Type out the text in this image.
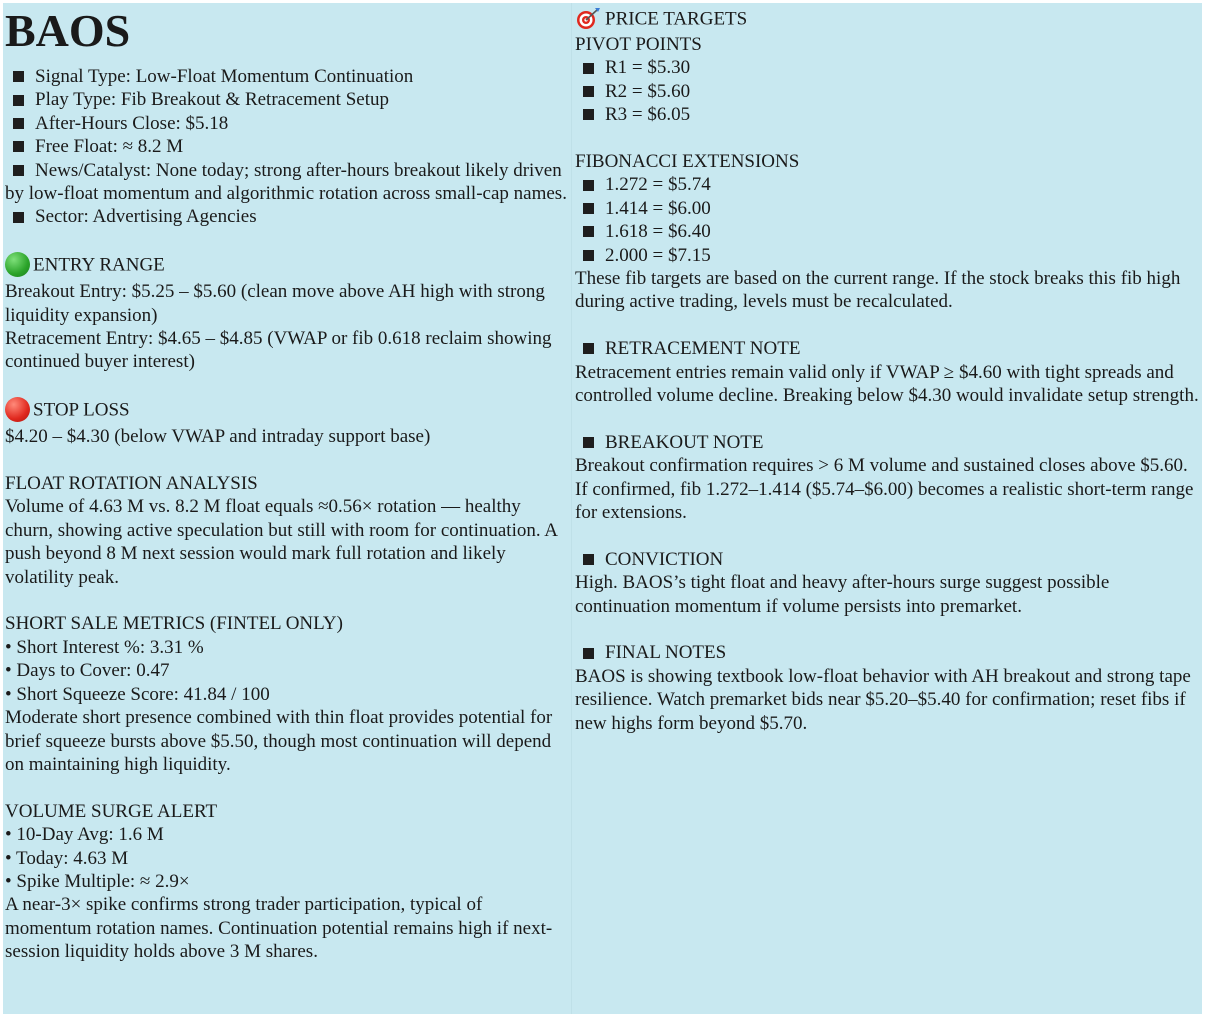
BAOS

Signal Type: Low-Float Momentum Continuation

Play Type: Fib Breakout & Retracement Setup

After-Hours Close: $5.18

Free Float: ≈ 8.2 M

News/Catalyst: None today; strong after-hours breakout likely driven by low-float momentum and algorithmic rotation across small-cap names.

Sector: Advertising Agencies

ENTRY RANGE

Breakout Entry: $5.25 – $5.60 (clean move above AH high with strong liquidity expansion)

Retracement Entry: $4.65 – $4.85 (VWAP or fib 0.618 reclaim showing continued buyer interest)

STOP LOSS

$4.20 – $4.30 (below VWAP and intraday support base)

FLOAT ROTATION ANALYSIS

Volume of 4.63 M vs. 8.2 M float equals ≈0.56× rotation — healthy churn, showing active speculation but still with room for continuation. A push beyond 8 M next session would mark full rotation and likely volatility peak.

SHORT SALE METRICS (FINTEL ONLY)

• Short Interest %: 3.31 %

• Days to Cover: 0.47

• Short Squeeze Score: 41.84 / 100

Moderate short presence combined with thin float provides potential for brief squeeze bursts above $5.50, though most continuation will depend on maintaining high liquidity.

VOLUME SURGE ALERT

• 10-Day Avg: 1.6 M

• Today: 4.63 M

• Spike Multiple: ≈ 2.9×

A near-3× spike confirms strong trader participation, typical of momentum rotation names. Continuation potential remains high if next-session liquidity holds above 3 M shares.

PRICE TARGETS

PIVOT POINTS

R1 = $5.30

R2 = $5.60

R3 = $6.05

FIBONACCI EXTENSIONS

1.272 = $5.74

1.414 = $6.00

1.618 = $6.40

2.000 = $7.15

These fib targets are based on the current range. If the stock breaks this fib high during active trading, levels must be recalculated.

RETRACEMENT NOTE

Retracement entries remain valid only if VWAP ≥ $4.60 with tight spreads and controlled volume decline. Breaking below $4.30 would invalidate setup strength.

BREAKOUT NOTE

Breakout confirmation requires > 6 M volume and sustained closes above $5.60. If confirmed, fib 1.272–1.414 ($5.74–$6.00) becomes a realistic short-term range for extensions.

CONVICTION

High. BAOS’s tight float and heavy after-hours surge suggest possible continuation momentum if volume persists into premarket.

FINAL NOTES

BAOS is showing textbook low-float behavior with AH breakout and strong tape resilience. Watch premarket bids near $5.20–$5.40 for confirmation; reset fibs if new highs form beyond $5.70.
